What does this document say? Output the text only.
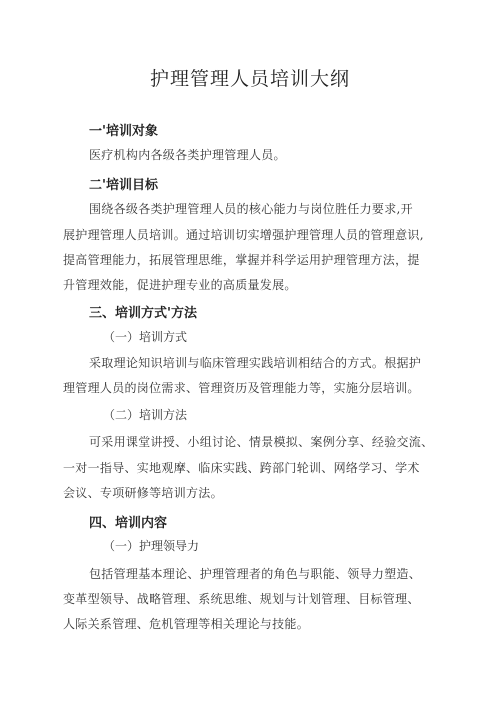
护理管理人员培训大纲
一'培训对象
医疗机构内各级各类护理管理人员。
二'培训目标
围绕各级各类护理管理人员的核心能力与岗位胜任力要求,开
展护理管理人员培训。通过培训切实增强护理管理人员的管理意识,
提高管理能力，拓展管理思维，掌握并科学运用护理管理方法，提
升管理效能，促进护理专业的高质量发展。
三、培训方式'方法
（一）培训方式
采取理论知识培训与临床管理实践培训相结合的方式。根据护
理管理人员的岗位需求、管理资历及管理能力等，实施分层培训。
（二）培训方法
可采用课堂讲授、小组讨论、情景模拟、案例分享、经验交流、
一对一指导、实地观摩、临床实践、跨部门轮训、网络学习、学术
会议、专项研修等培训方法。
四、培训内容
（一）护理领导力
包括管理基本理论、护理管理者的角色与职能、领导力塑造、
变革型领导、战略管理、系统思维、规划与计划管理、目标管理、
人际关系管理、危机管理等相关理论与技能。
